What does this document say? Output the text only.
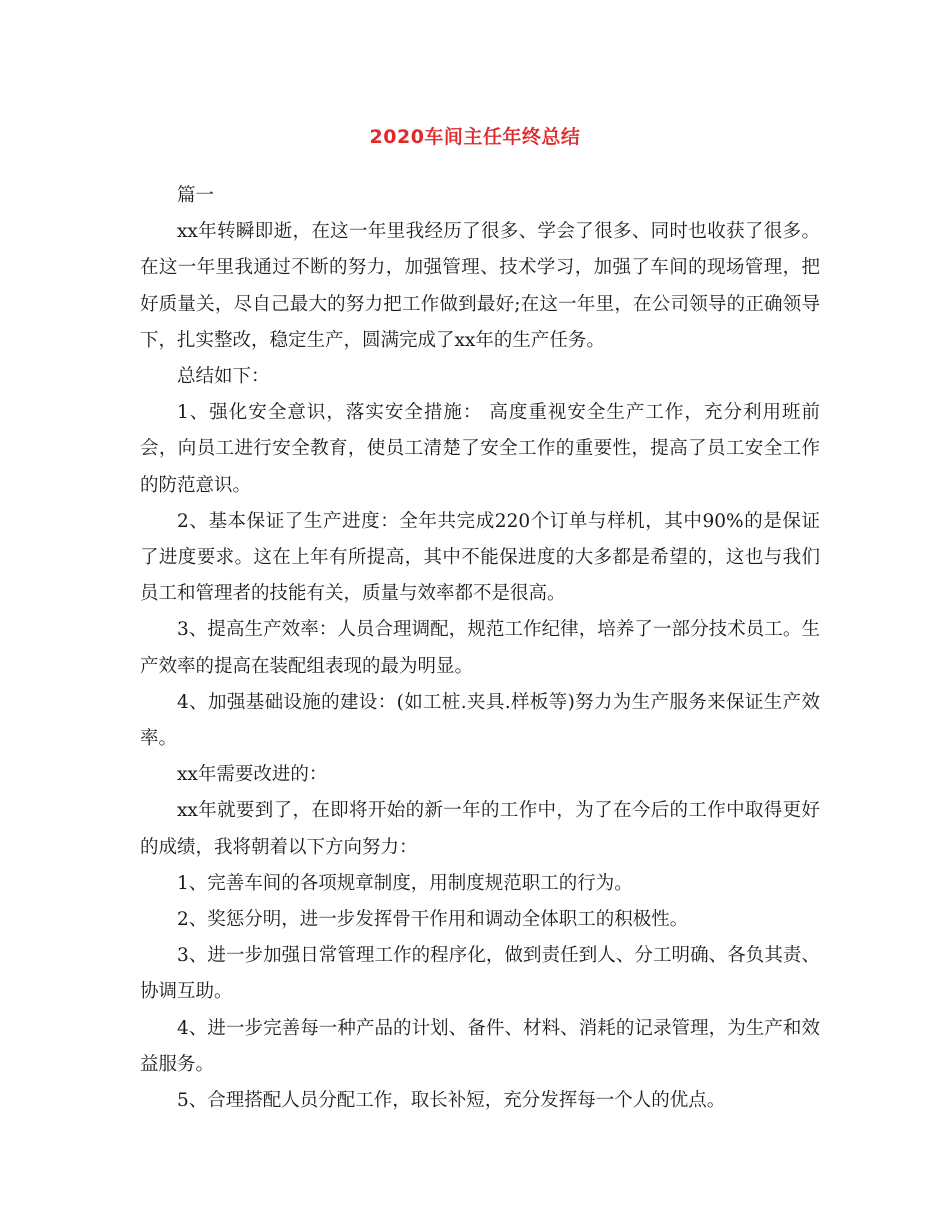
2020车间主任年终总结

篇一

xx年转瞬即逝，在这一年里我经历了很多、学会了很多、同时也收获了很多。在这一年里我通过不断的努力，加强管理、技术学习，加强了车间的现场管理，把好质量关，尽自己最大的努力把工作做到最好;在这一年里，在公司领导的正确领导下，扎实整改，稳定生产，圆满完成了xx年的生产任务。

总结如下：

1、强化安全意识，落实安全措施： 高度重视安全生产工作，充分利用班前会，向员工进行安全教育，使员工清楚了安全工作的重要性，提高了员工安全工作的防范意识。

2、基本保证了生产进度：全年共完成220个订单与样机，其中90%的是保证了进度要求。这在上年有所提高，其中不能保进度的大多都是希望的，这也与我们员工和管理者的技能有关，质量与效率都不是很高。

3、提高生产效率：人员合理调配，规范工作纪律，培养了一部分技术员工。生产效率的提高在装配组表现的最为明显。

4、加强基础设施的建设：(如工桩.夹具.样板等)努力为生产服务来保证生产效率。

xx年需要改进的：

xx年就要到了，在即将开始的新一年的工作中，为了在今后的工作中取得更好的成绩，我将朝着以下方向努力：

1、完善车间的各项规章制度，用制度规范职工的行为。

2、奖惩分明，进一步发挥骨干作用和调动全体职工的积极性。

3、进一步加强日常管理工作的程序化，做到责任到人、分工明确、各负其责、协调互助。

4、进一步完善每一种产品的计划、备件、材料、消耗的记录管理，为生产和效益服务。

5、合理搭配人员分配工作，取长补短，充分发挥每一个人的优点。
